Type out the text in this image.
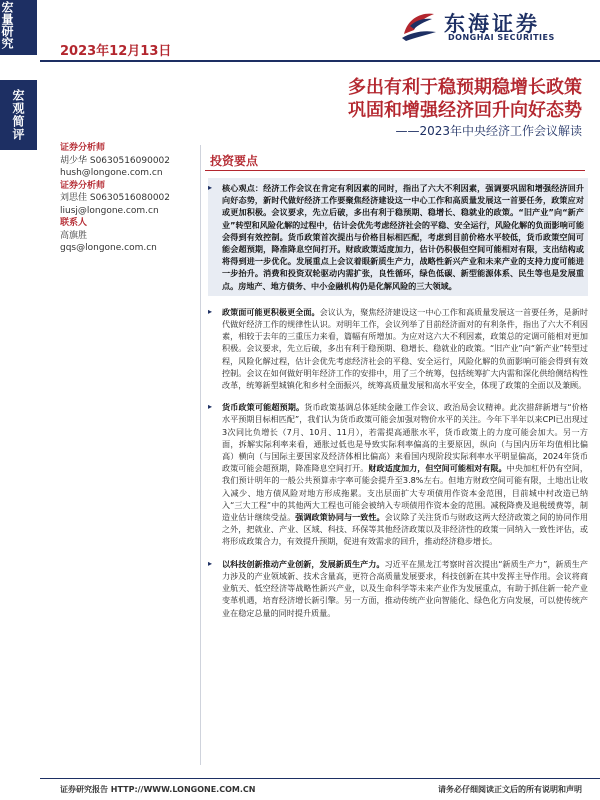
宏量研究
宏观简评
2023年12月13日
东海证券
DONGHAI SECURITIES
多出有利于稳预期稳增长政策
巩固和增强经济回升向好态势
——2023年中央经济工作会议解读
证券分析师
胡少华 S0630516090002
hush@longone.com.cn
证券分析师
刘思佳 S0630516080002
liusj@longone.com.cn
联系人
高旗胜
gqs@longone.com.cn
投资要点
▸ 核心观点：经济工作会议在肯定有利因素的同时，指出了六大不利因素，强调要巩固和增强经济回升向好态势，新时代做好经济工作要聚焦经济建设这一中心工作和高质量发展这一首要任务，政策应对或更加积极。会议要求，先立后破，多出有利于稳预期、稳增长、稳就业的政策。“旧产业”向“新产业”转型和风险化解的过程中，估计会优先考虑经济社会的平稳、安全运行，风险化解的负面影响可能会得到有效控制。货币政策首次提出与价格目标相匹配，考虑到目前价格水平较低，货币政策空间可能会超预期，降准降息空间打开。财政政策适度加力，估计仍积极但空间可能相对有限，支出结构或将得到进一步优化。发展重点上会议着眼新质生产力，战略性新兴产业和未来产业的支持力度可能进一步抬升。消费和投资双轮驱动内需扩张，良性循环，绿色低碳、新型能源体系、民生等也是发展重点。房地产、地方债务、中小金融机构仍是化解风险的三大领域。
▸ 政策面可能更积极更全面。会议认为，聚焦经济建设这一中心工作和高质量发展这一首要任务，是新时代做好经济工作的规律性认识。对明年工作，会议列举了目前经济面对的有利条件，指出了六大不利因素，相较于去年的三重压力来看，篇幅有所增加。为应对这六大不利因素，政策总的定调可能相对更加积极。会议要求，先立后破，多出有利于稳预期、稳增长、稳就业的政策。“旧产业”向“新产业”转型过程，风险化解过程，估计会优先考虑经济社会的平稳、安全运行，风险化解的负面影响可能会得到有效控制。会议在如何做好明年经济工作的安排中，用了三个统筹，包括统筹扩大内需和深化供给侧结构性改革，统筹新型城镇化和乡村全面振兴，统筹高质量发展和高水平安全，体现了政策的全面以及兼顾。
▸ 货币政策可能超预期。货币政策基调总体延续金融工作会议、政治局会议精神。此次措辞新增与“价格水平预期目标相匹配”，我们认为货币政策可能会加强对物价水平的关注。今年下半年以来CPI已出现过3次同比负增长（7月、10月、11月），若需提高通胀水平，货币政策上的力度可能会加大。另一方面，拆解实际利率来看，通胀过低也是导致实际利率偏高的主要原因，纵向（与国内历年均值相比偏高）横向（与国际主要国家及经济体相比偏高）来看国内现阶段实际利率水平明显偏高，2024年货币政策可能会超预期，降准降息空间打开。财政适度加力，但空间可能相对有限。中央加杠杆仍有空间，我们预计明年的一般公共预算赤字率可能会提升至3.8%左右。但地方财政空间可能有限，土地出让收入减少、地方债风险对地方形成拖累。支出层面扩大专项债用作资本金范围，目前城中村改造已纳入“三大工程”中的其他两大工程也可能会被纳入专项债用作资本金的范围。减税降费及退税缓费等，制造业估计继续受益。强调政策协同与一致性。会议除了关注货币与财政这两大经济政策之间的协同作用之外，把就业、产业、区域、科技、环保等其他经济政策以及非经济性的政策一同纳入一致性评估，或将形成政策合力，有效提升预期，促进有效需求的回升，推动经济稳步增长。
▸ 以科技创新推动产业创新，发展新质生产力。习近平在黑龙江考察时首次提出“新质生产力”，新质生产力涉及的产业领域新、技术含量高，更符合高质量发展要求，科技创新在其中发挥主导作用。会议将商业航天、低空经济等战略性新兴产业，以及生命科学等未来产业作为发展重点，有助于抓住新一轮产业变革机遇，培育经济增长新引擎。另一方面，推动传统产业向智能化、绿色化方向发展，可以使传统产业在稳定总量的同时提升质量。
证券研究报告 HTTP://WWW.LONGONE.COM.CN	请务必仔细阅读正文后的所有说明和声明
